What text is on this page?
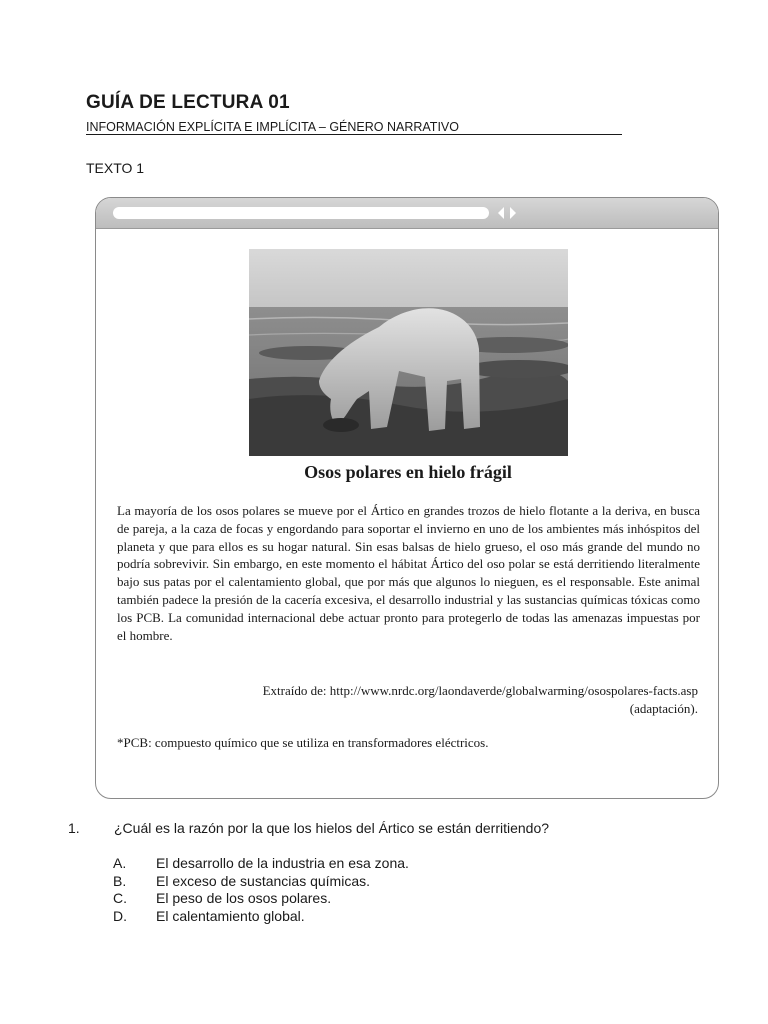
GUÍA DE LECTURA 01
INFORMACIÓN EXPLÍCITA E IMPLÍCITA – GÉNERO NARRATIVO
TEXTO 1
Osos polares en hielo frágil

La mayoría de los osos polares se mueve por el Ártico en grandes trozos de hielo flotante a la deriva, en busca de pareja, a la caza de focas y engordando para soportar el invierno en uno de los ambientes más inhóspitos del planeta y que para ellos es su hogar natural. Sin esas balsas de hielo grueso, el oso más grande del mundo no podría sobrevivir. Sin embargo, en este momento el hábitat Ártico del oso polar se está derritiendo literalmente bajo sus patas por el calentamiento global, que por más que algunos lo nieguen, es el responsable. Este animal también padece la presión de la cacería excesiva, el desarrollo industrial y las sustancias químicas tóxicas como los PCB. La comunidad internacional debe actuar pronto para protegerlo de todas las amenazas impuestas por el hombre.

Extraído de: http://www.nrdc.org/laondaverde/globalwarming/osospolares-facts.asp
(adaptación).
*PCB: compuesto químico que se utiliza en transformadores eléctricos.
1. ¿Cuál es la razón por la que los hielos del Ártico se están derritiendo?
A. El desarrollo de la industria en esa zona.
B. El exceso de sustancias químicas.
C. El peso de los osos polares.
D. El calentamiento global.
